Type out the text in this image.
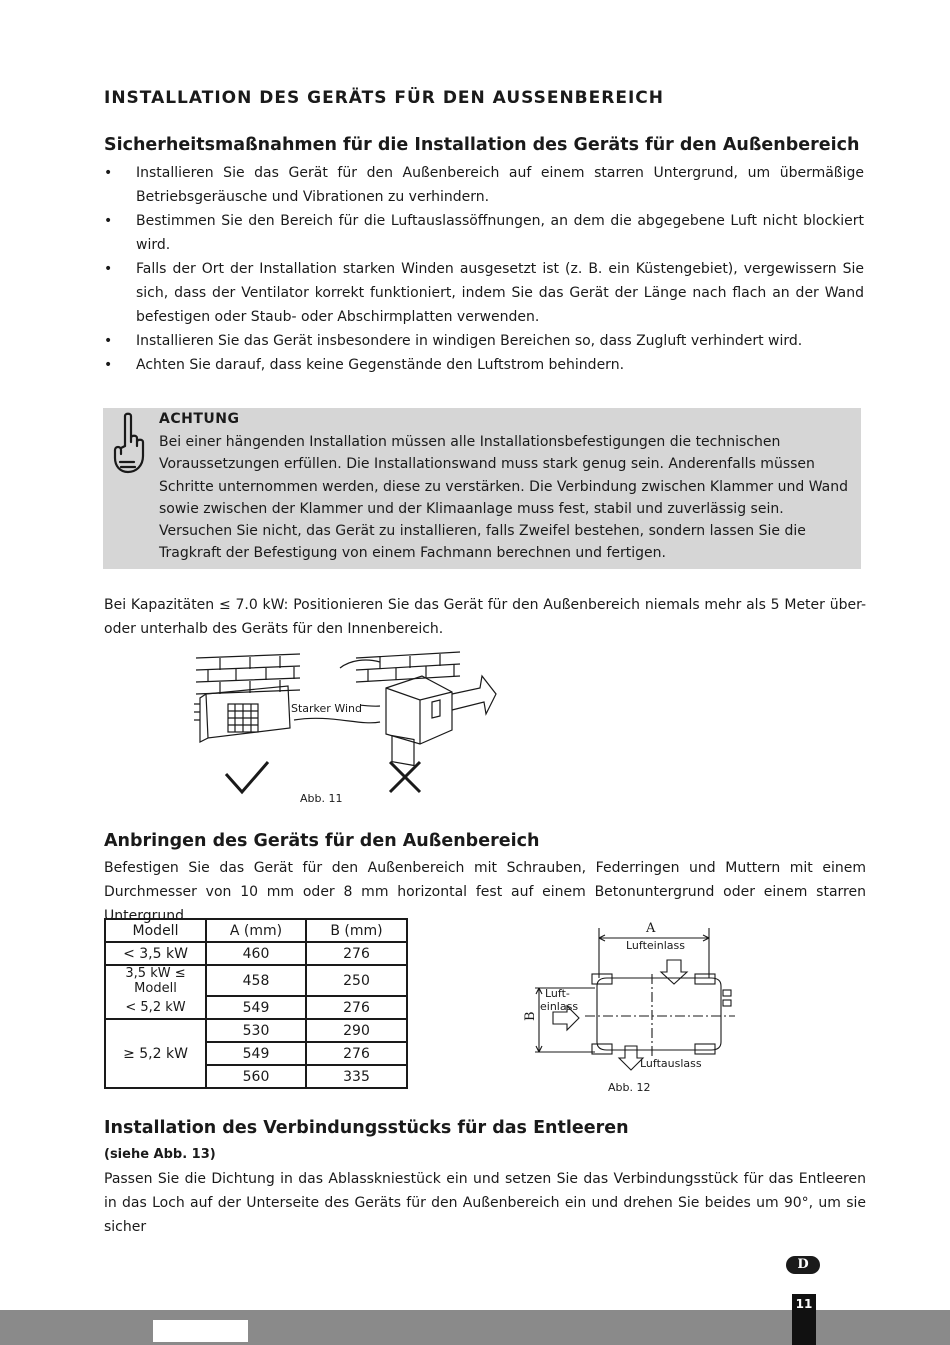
INSTALLATION DES GERÄTS FÜR DEN AUSSENBEREICH
Sicherheitsmaßnahmen für die Installation des Geräts für den Außenbereich
• Installieren Sie das Gerät für den Außenbereich auf einem starren Untergrund, um übermäßige Betriebsgeräusche und Vibrationen zu verhindern.
• Bestimmen Sie den Bereich für die Luftauslassöffnungen, an dem die abgegebene Luft nicht blockiert wird.
• Falls der Ort der Installation starken Winden ausgesetzt ist (z. B. ein Küstengebiet), vergewissern Sie sich, dass der Ventilator korrekt funktioniert, indem Sie das Gerät der Länge nach flach an der Wand befestigen oder Staub- oder Abschirmplatten verwenden.
• Installieren Sie das Gerät insbesondere in windigen Bereichen so, dass Zugluft verhindert wird.
• Achten Sie darauf, dass keine Gegenstände den Luftstrom behindern.
ACHTUNG
Bei einer hängenden Installation müssen alle Installationsbefestigungen die technischen Voraussetzungen erfüllen. Die Installationswand muss stark genug sein. Anderenfalls müssen Schritte unternommen werden, diese zu verstärken. Die Verbindung zwischen Klammer und Wand sowie zwischen der Klammer und der Klimaanlage muss fest, stabil und zuverlässig sein. Versuchen Sie nicht, das Gerät zu installieren, falls Zweifel bestehen, sondern lassen Sie die Tragkraft der Befestigung von einem Fachmann berechnen und fertigen.
Bei Kapazitäten ≤ 7.0 kW: Positionieren Sie das Gerät für den Außenbereich niemals mehr als 5 Meter über- oder unterhalb des Geräts für den Innenbereich.
Starker Wind
Abb. 11
Anbringen des Geräts für den Außenbereich
Befestigen Sie das Gerät für den Außenbereich mit Schrauben, Federringen und Muttern mit einem Durchmesser von 10 mm oder 8 mm horizontal fest auf einem Betonuntergrund oder einem starren Untergrund.
Modell	A (mm)	B (mm)
< 3,5 kW	460	276
3,5 kW ≤ Modell	458	250
< 5,2 kW	549	276
≥ 5,2 kW	530	290
	549	276
	560	335
A
B
Lufteinlass
Luft-
einlass
Luftauslass
Abb. 12
Installation des Verbindungsstücks für das Entleeren
(siehe Abb. 13)
Passen Sie die Dichtung in das Ablasskniestück ein und setzen Sie das Verbindungsstück für das Entleeren in das Loch auf der Unterseite des Geräts für den Außenbereich ein und drehen Sie beides um 90°, um sie sicher
D
11
